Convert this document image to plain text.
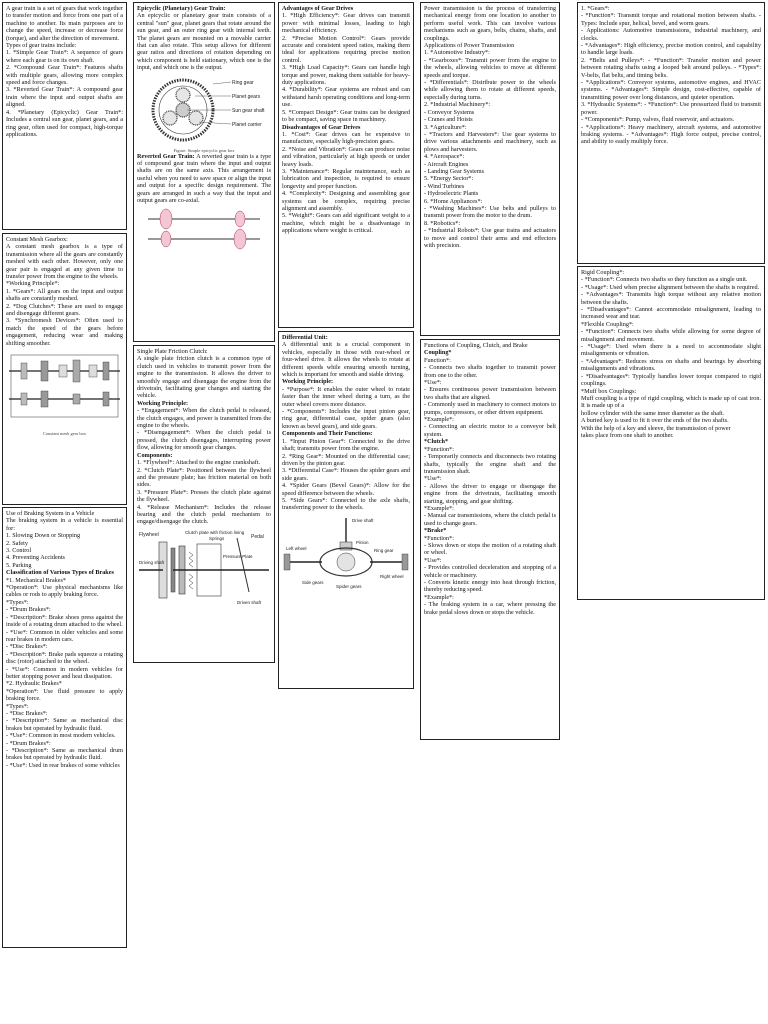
A gear train is a set of gears that work together to transfer motion and force from one part of a machine to another. Its main purposes are to change the speed, increase or decrease force (torque), and alter the direction of movement.

Types of gear trains include:

1. *Simple Gear Train*: A sequence of gears where each gear is on its own shaft.

2. *Compound Gear Train*: Features shafts with multiple gears, allowing more complex speed and force changes.

3. *Reverted Gear Train*: A compound gear train where the input and output shafts are aligned.

4. *Planetary (Epicyclic) Gear Train*: Includes a central sun gear, planet gears, and a ring gear, often used for compact, high-torque applications.

Constant Mesh Gearbox:

A constant mesh gearbox is a type of transmission where all the gears are constantly meshed with each other. However, only one gear pair is engaged at any given time to transfer power from the engine to the wheels.

*Working Principle*:

1. *Gears*: All gears on the input and output shafts are constantly meshed.

2. *Dog Clutches*: These are used to engage and disengage different gears.

3. *Synchromesh Devices*: Often used to match the speed of the gears before engagement, reducing wear and making shifting smoother.

Constant mesh gear box

Use of Braking System in a Vehicle

The braking system in a vehicle is essential for:

1. Slowing Down or Stopping

2. Safety

3. Control

4. Preventing Accidents

5. Parking

Classification of Various Types of Brakes

*1. Mechanical Brakes*

*Operation*: Use physical mechanisms like cables or rods to apply braking force.

*Types*:

- *Drum Brakes*:

- *Description*: Brake shoes press against the inside of a rotating drum attached to the wheel.

- *Use*: Common in older vehicles and some rear brakes in modern cars.

- *Disc Brakes*:

- *Description*: Brake pads squeeze a rotating disc (rotor) attached to the wheel.

- *Use*: Common in modern vehicles for better stopping power and heat dissipation.

*2. Hydraulic Brakes*

*Operation*: Use fluid pressure to apply braking force.

*Types*:

- *Disc Brakes*:

- *Description*: Same as mechanical disc brakes but operated by hydraulic fluid.

- *Use*: Common in most modern vehicles.

- *Drum Brakes*:

- *Description*: Same as mechanical drum brakes but operated by hydraulic fluid.

- *Use*: Used in rear brakes of some vehicles

Epicyclic (Planetary) Gear Train:

An epicyclic or planetary gear train consists of a central "sun" gear, planet gears that rotate around the sun gear, and an outer ring gear with internal teeth. The planet gears are mounted on a movable carrier that can also rotate. This setup allows for different gear ratios and directions of rotation depending on which component is held stationary, which one is the input, and which one is the output.

Ring gear
Planet gears
Sun gear shaft
Planet carrier
Figure: Simple epicyclic gear box

Reverted Gear Train: A reverted gear train is a type of compound gear train where the input and output shafts are on the same axis. This arrangement is useful when you need to save space or align the input and output for a specific design requirement. The gears are arranged in such a way that the input and output gears are co-axial.

Single Plate Friction Clutch:

A single plate friction clutch is a common type of clutch used in vehicles to transmit power from the engine to the transmission. It allows the driver to smoothly engage and disengage the engine from the drivetrain, facilitating gear changes and starting the vehicle.

Working Principle:

- *Engagement*: When the clutch pedal is released, the clutch engages, and power is transmitted from the engine to the wheels.

- *Disengagement*: When the clutch pedal is pressed, the clutch disengages, interrupting power flow, allowing for smooth gear changes.

Components:

1. *Flywheel*: Attached to the engine crankshaft.

2. *Clutch Plate*: Positioned between the flywheel and the pressure plate; has friction material on both sides.

3. *Pressure Plate*: Presses the clutch plate against the flywheel.

4. *Release Mechanism*: Includes the release bearing and the clutch pedal mechanism to engage/disengage the clutch.

Flywheel	Clutch plate with friction lining
Springs
Pressure Plate
Pedal
Driving shaft
Driven shaft

Advantages of Gear Drives

1. *High Efficiency*: Gear drives can transmit power with minimal losses, leading to high mechanical efficiency.

2. *Precise Motion Control*: Gears provide accurate and consistent speed ratios, making them ideal for applications requiring precise motion control.

3. *High Load Capacity*: Gears can handle high torque and power, making them suitable for heavy-duty applications.

4. *Durability*: Gear systems are robust and can withstand harsh operating conditions and long-term use.

5. *Compact Design*: Gear trains can be designed to be compact, saving space in machinery.

Disadvantages of Gear Drives

1. *Cost*: Gear drives can be expensive to manufacture, especially high-precision gears.

2. *Noise and Vibration*: Gears can produce noise and vibration, particularly at high speeds or under heavy loads.

3. *Maintenance*: Regular maintenance, such as lubrication and inspection, is required to ensure longevity and proper function.

4. *Complexity*: Designing and assembling gear systems can be complex, requiring precise alignment and assembly.

5. *Weight*: Gears can add significant weight to a machine, which might be a disadvantage in applications where weight is critical.

Differential Unit:

A differential unit is a crucial component in vehicles, especially in those with rear-wheel or four-wheel drive. It allows the wheels to rotate at different speeds while ensuring smooth turning, which is important for smooth and stable driving.

Working Principle:

- *Purpose*: It enables the outer wheel to rotate faster than the inner wheel during a turn, as the outer wheel covers more distance.

- *Components*: Includes the input pinion gear, ring gear, differential case, spider gears (also known as bevel gears), and side gears.

Components and Their Functions:

1. *Input Pinion Gear*: Connected to the drive shaft; transmits power from the engine.

2. *Ring Gear*: Mounted on the differential case; driven by the pinion gear.

3. *Differential Case*: Houses the spider gears and side gears.

4. *Spider Gears (Bevel Gears)*: Allow for the speed difference between the wheels.

5. *Side Gears*: Connected to the axle shafts, transferring power to the wheels.

Drive shaft
Pinion
Ring gear
Left wheel
Right wheel
Side gears
Spider gears

Power transmission is the process of transferring mechanical energy from one location to another to perform useful work. This can involve various mechanisms such as gears, belts, chains, shafts, and couplings.

Applications of Power Transmission

1. *Automotive Industry*:

- *Gearboxes*: Transmit power from the engine to the wheels, allowing vehicles to move at different speeds and torque.

- *Differentials*: Distribute power to the wheels while allowing them to rotate at different speeds, especially during turns.

2. *Industrial Machinery*:

- Conveyor Systems

- Cranes and Hoists

3. *Agriculture*:

- *Tractors and Harvesters*: Use gear systems to drive various attachments and machinery, such as plows and harvesters.

4. *Aerospace*:

- Aircraft Engines

- Landing Gear Systems

5. *Energy Sector*:

- Wind Turbines

- Hydroelectric Plants

6. *Home Appliances*:

- *Washing Machines*: Use belts and pulleys to transmit power from the motor to the drum.

8. *Robotics*:

- *Industrial Robots*: Use gear trains and actuators to move and control their arms and end effectors with precision.

Functions of Coupling, Clutch, and Brake

Coupling*

Function*:

- Connects two shafts together to transmit power from one to the other.

*Use*:

- Ensures continuous power transmission between two shafts that are aligned.

- Commonly used in machinery to connect motors to pumps, compressors, or other driven equipment.

*Example*:

- Connecting an electric motor to a conveyor belt system.

*Clutch*

*Function*:

- Temporarily connects and disconnects two rotating shafts, typically the engine shaft and the transmission shaft.

*Use*:

- Allows the driver to engage or disengage the engine from the drivetrain, facilitating smooth starting, stopping, and gear shifting.

*Example*:

- Manual car transmissions, where the clutch pedal is used to change gears.

*Brake*

*Function*:

- Slows down or stops the motion of a rotating shaft or wheel.

*Use*:

- Provides controlled deceleration and stopping of a vehicle or machinery.

- Converts kinetic energy into heat through friction, thereby reducing speed.

*Example*:

- The braking system in a car, where pressing the brake pedal slows down or stops the vehicle.

1. *Gears*:

- *Function*: Transmit torque and rotational motion between shafts. - Types: Include spur, helical, bevel, and worm gears.

- Applications: Automotive transmissions, industrial machinery, and clocks.

- *Advantages*: High efficiency, precise motion control, and capability to handle large loads.

2. *Belts and Pulleys*: - *Function*: Transfer motion and power between rotating shafts using a looped belt around pulleys. - *Types*: V-belts, flat belts, and timing belts.

- *Applications*: Conveyor systems, automotive engines, and HVAC systems. - *Advantages*: Simple design, cost-effective, capable of transmitting power over long distances, and quieter operation.

3. *Hydraulic Systems*: - *Function*: Use pressurized fluid to transmit power.

- *Components*: Pump, valves, fluid reservoir, and actuators.

- *Applications*: Heavy machinery, aircraft systems, and automotive braking systems. - *Advantages*: High force output, precise control, and ability to easily multiply force.

Rigid Coupling*:

- *Function*: Connects two shafts so they function as a single unit.

- *Usage*: Used when precise alignment between the shafts is required.

- *Advantages*: Transmits high torque without any relative motion between the shafts.

- *Disadvantages*: Cannot accommodate misalignment, leading to increased wear and tear.

*Flexible Coupling*:

- *Function*: Connects two shafts while allowing for some degree of misalignment and movement.

- *Usage*: Used when there is a need to accommodate slight misalignments or vibration.

- *Advantages*: Reduces stress on shafts and bearings by absorbing misalignments and vibrations.

- *Disadvantages*: Typically handles lower torque compared to rigid couplings.

*Muff box Couplings:

Muff coupling is a type of rigid coupling, which is made up of cast iron. It is made up of a

hollow cylinder with the same inner diameter as the shaft.

A buried key is used to fit it over the ends of the two shafts.

With the help of a key and sleeve, the transmission of power

takes place from one shaft to another.
